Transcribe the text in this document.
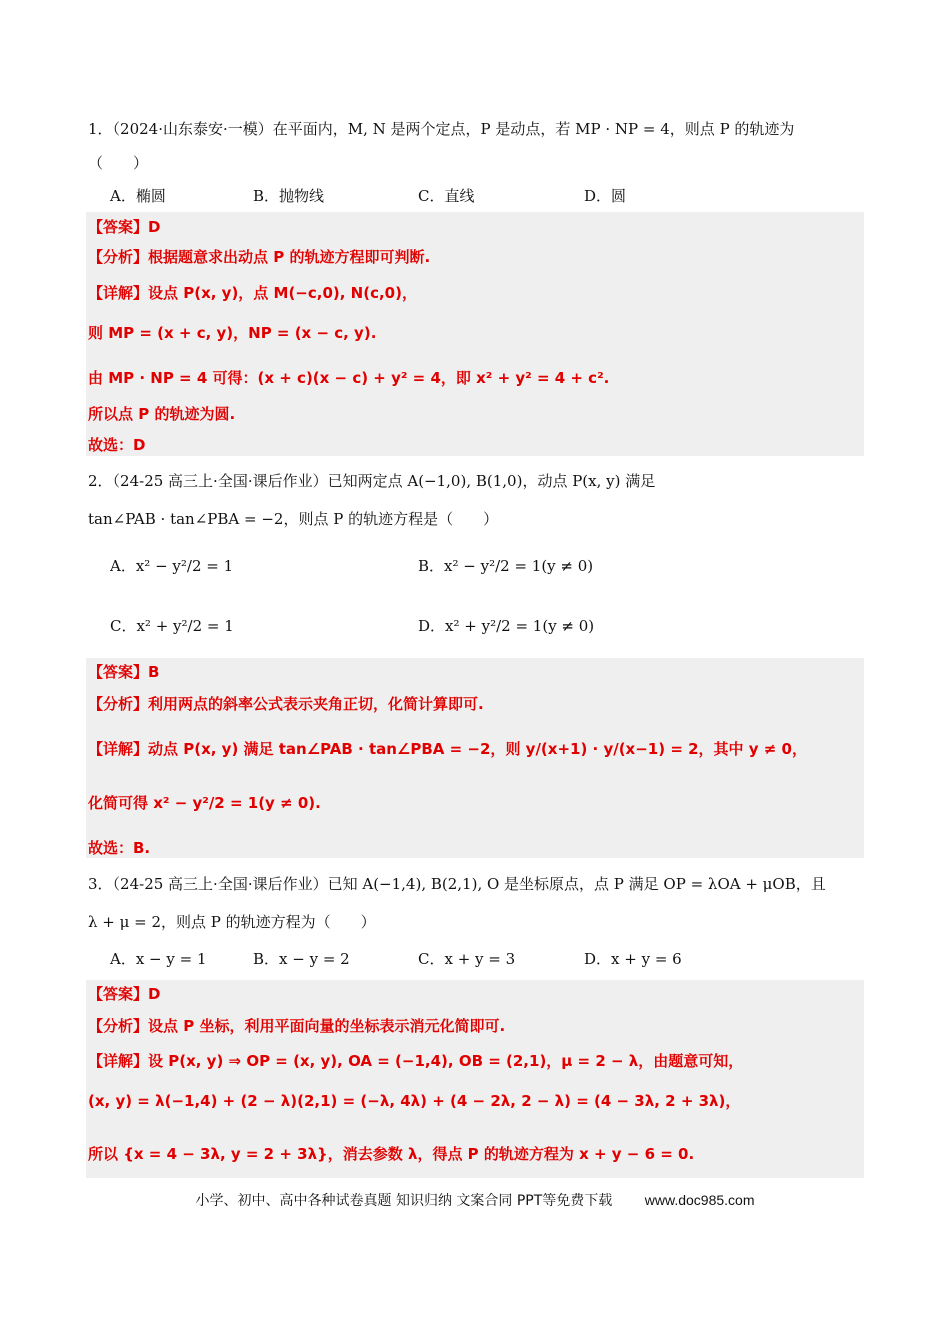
1．（2024·山东泰安·一模）在平面内，M, N 是两个定点，P 是动点，若 MP · NP = 4，则点 P 的轨迹为
（　　）
A．椭圆	B．抛物线	C．直线	D．圆
【答案】D
【分析】根据题意求出动点 P 的轨迹方程即可判断.
【详解】设点 P(x, y)，点 M(−c,0), N(c,0)，
则 MP = (x + c, y)，NP = (x − c, y).
由 MP · NP = 4 可得：(x + c)(x − c) + y² = 4，即 x² + y² = 4 + c².
所以点 P 的轨迹为圆.
故选：D
2．（24-25 高三上·全国·课后作业）已知两定点 A(−1,0), B(1,0)，动点 P(x, y) 满足
tan∠PAB · tan∠PBA = −2，则点 P 的轨迹方程是（　　）
A．x² − y²/2 = 1	B．x² − y²/2 = 1(y ≠ 0)
C．x² + y²/2 = 1	D．x² + y²/2 = 1(y ≠ 0)
【答案】B
【分析】利用两点的斜率公式表示夹角正切，化简计算即可.
【详解】动点 P(x, y) 满足 tan∠PAB · tan∠PBA = −2，则 y/(x+1) · y/(x−1) = 2，其中 y ≠ 0，
化简可得 x² − y²/2 = 1(y ≠ 0).
故选：B.
3．（24-25 高三上·全国·课后作业）已知 A(−1,4), B(2,1), O 是坐标原点，点 P 满足 OP = λOA + μOB，且
λ + μ = 2，则点 P 的轨迹方程为（　　）
A．x − y = 1	B．x − y = 2	C．x + y = 3	D．x + y = 6
【答案】D
【分析】设点 P 坐标，利用平面向量的坐标表示消元化简即可.
【详解】设 P(x, y) ⇒ OP = (x, y), OA = (−1,4), OB = (2,1)，μ = 2 − λ，由题意可知，
(x, y) = λ(−1,4) + (2 − λ)(2,1) = (−λ, 4λ) + (4 − 2λ, 2 − λ) = (4 − 3λ, 2 + 3λ)，
所以 {x = 4 − 3λ, y = 2 + 3λ}，消去参数 λ，得点 P 的轨迹方程为 x + y − 6 = 0.
小学、初中、高中各种试卷真题 知识归纳 文案合同 PPT等免费下载 www.doc985.com
